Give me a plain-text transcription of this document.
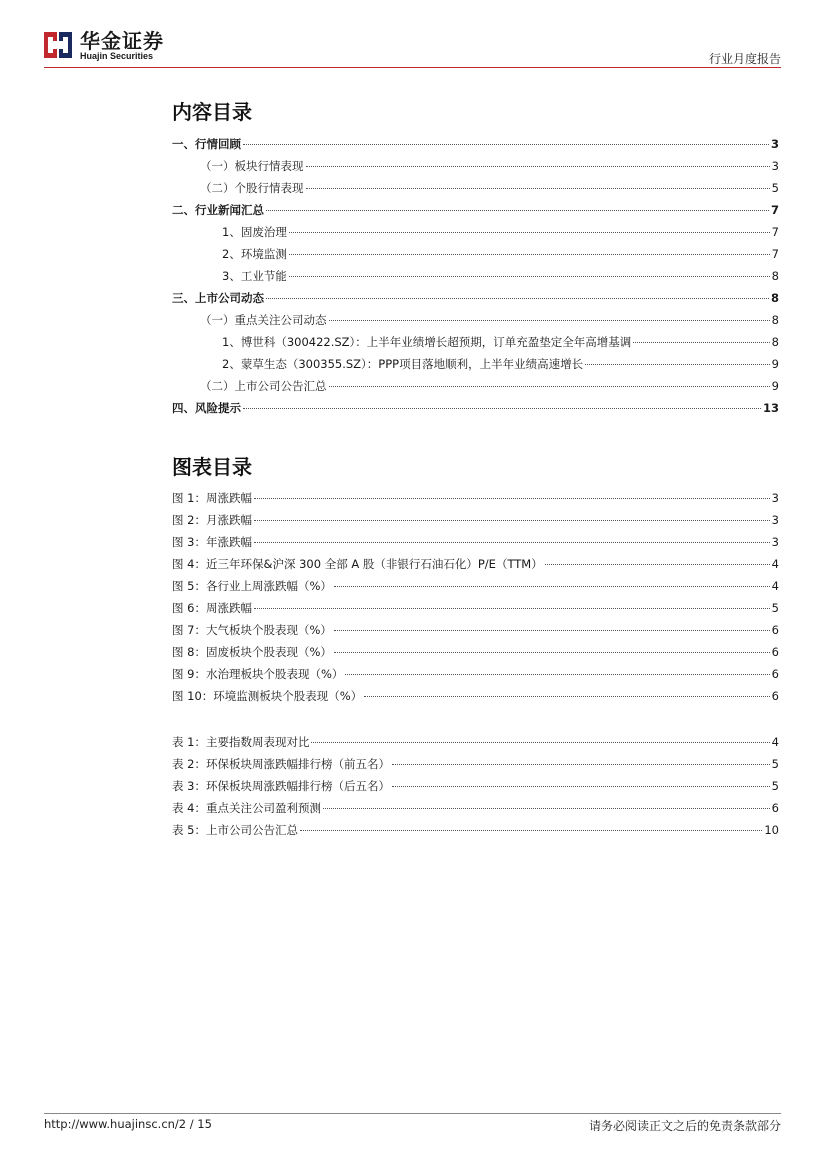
华金证券
Huajin Securities	行业月度报告
内容目录
一、行情回顾	3
（一）板块行情表现	3
（二）个股行情表现	5
二、行业新闻汇总	7
1、固废治理	7
2、环境监测	7
3、工业节能	8
三、上市公司动态	8
（一）重点关注公司动态	8
1、博世科（300422.SZ）：上半年业绩增长超预期，订单充盈垫定全年高增基调	8
2、蒙草生态（300355.SZ）：PPP项目落地顺利，上半年业绩高速增长	9
（二）上市公司公告汇总	9
四、风险提示	13
图表目录
图 1：周涨跌幅	3
图 2：月涨跌幅	3
图 3：年涨跌幅	3
图 4：近三年环保&沪深 300 全部 A 股（非银行石油石化）P/E（TTM）	4
图 5：各行业上周涨跌幅（%）	4
图 6：周涨跌幅	5
图 7：大气板块个股表现（%）	6
图 8：固废板块个股表现（%）	6
图 9：水治理板块个股表现（%）	6
图 10：环境监测板块个股表现（%）	6
表 1：主要指数周表现对比	4
表 2：环保板块周涨跌幅排行榜（前五名）	5
表 3：环保板块周涨跌幅排行榜（后五名）	5
表 4：重点关注公司盈利预测	6
表 5：上市公司公告汇总	10
http://www.huajinsc.cn/2 / 15	请务必阅读正文之后的免责条款部分
